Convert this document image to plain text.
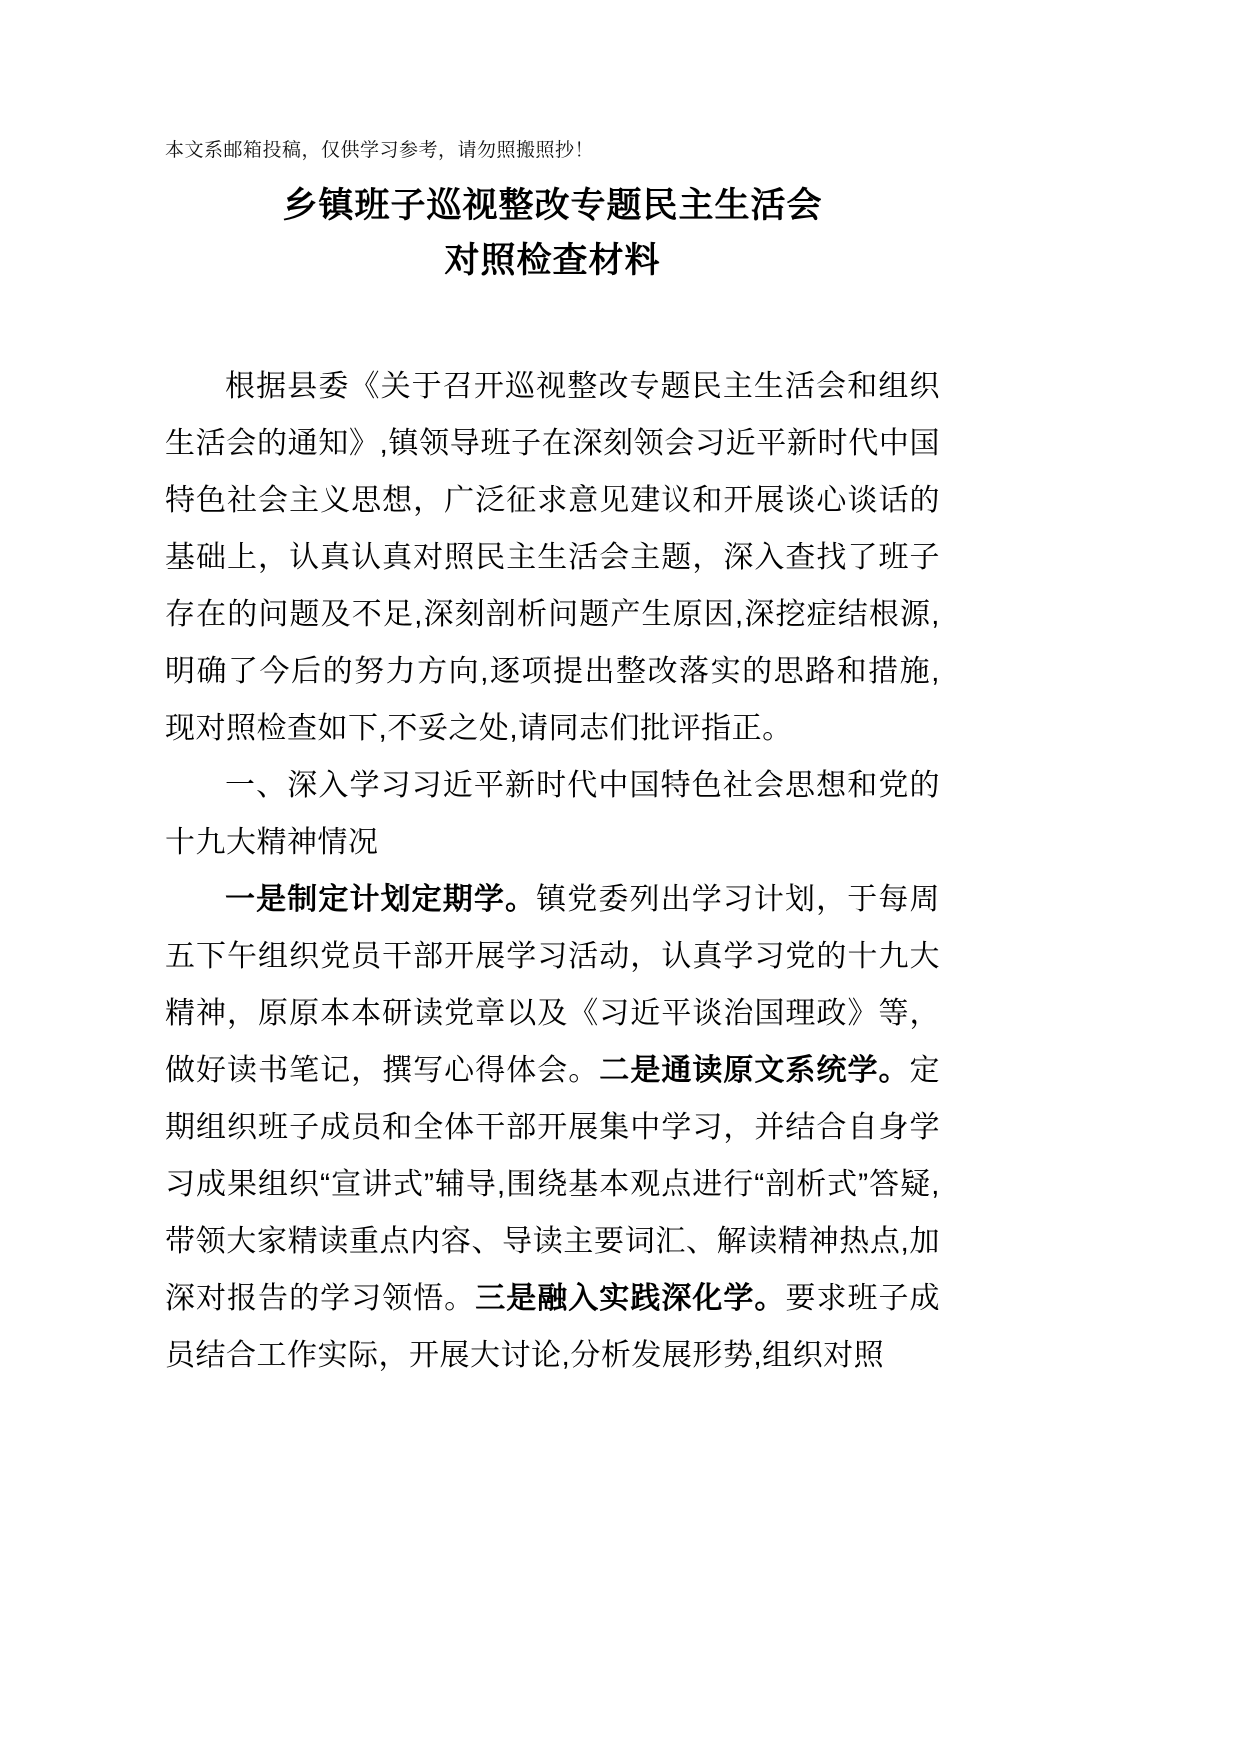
本文系邮箱投稿，仅供学习参考，请勿照搬照抄！

乡镇班子巡视整改专题民主生活会
对照检查材料

根据县委《关于召开巡视整改专题民主生活会和组织生活会的通知》,镇领导班子在深刻领会习近平新时代中国特色社会主义思想，广泛征求意见建议和开展谈心谈话的基础上，认真认真对照民主生活会主题，深入查找了班子存在的问题及不足,深刻剖析问题产生原因,深挖症结根源,明确了今后的努力方向,逐项提出整改落实的思路和措施,现对照检查如下,不妥之处,请同志们批评指正。

一、深入学习习近平新时代中国特色社会思想和党的十九大精神情况

一是制定计划定期学。镇党委列出学习计划，于每周五下午组织党员干部开展学习活动，认真学习党的十九大精神，原原本本研读党章以及《习近平谈治国理政》等，做好读书笔记，撰写心得体会。二是通读原文系统学。定期组织班子成员和全体干部开展集中学习，并结合自身学习成果组织“宣讲式”辅导,围绕基本观点进行“剖析式”答疑,带领大家精读重点内容、导读主要词汇、解读精神热点,加深对报告的学习领悟。三是融入实践深化学。要求班子成员结合工作实际，开展大讨论,分析发展形势,组织对照
